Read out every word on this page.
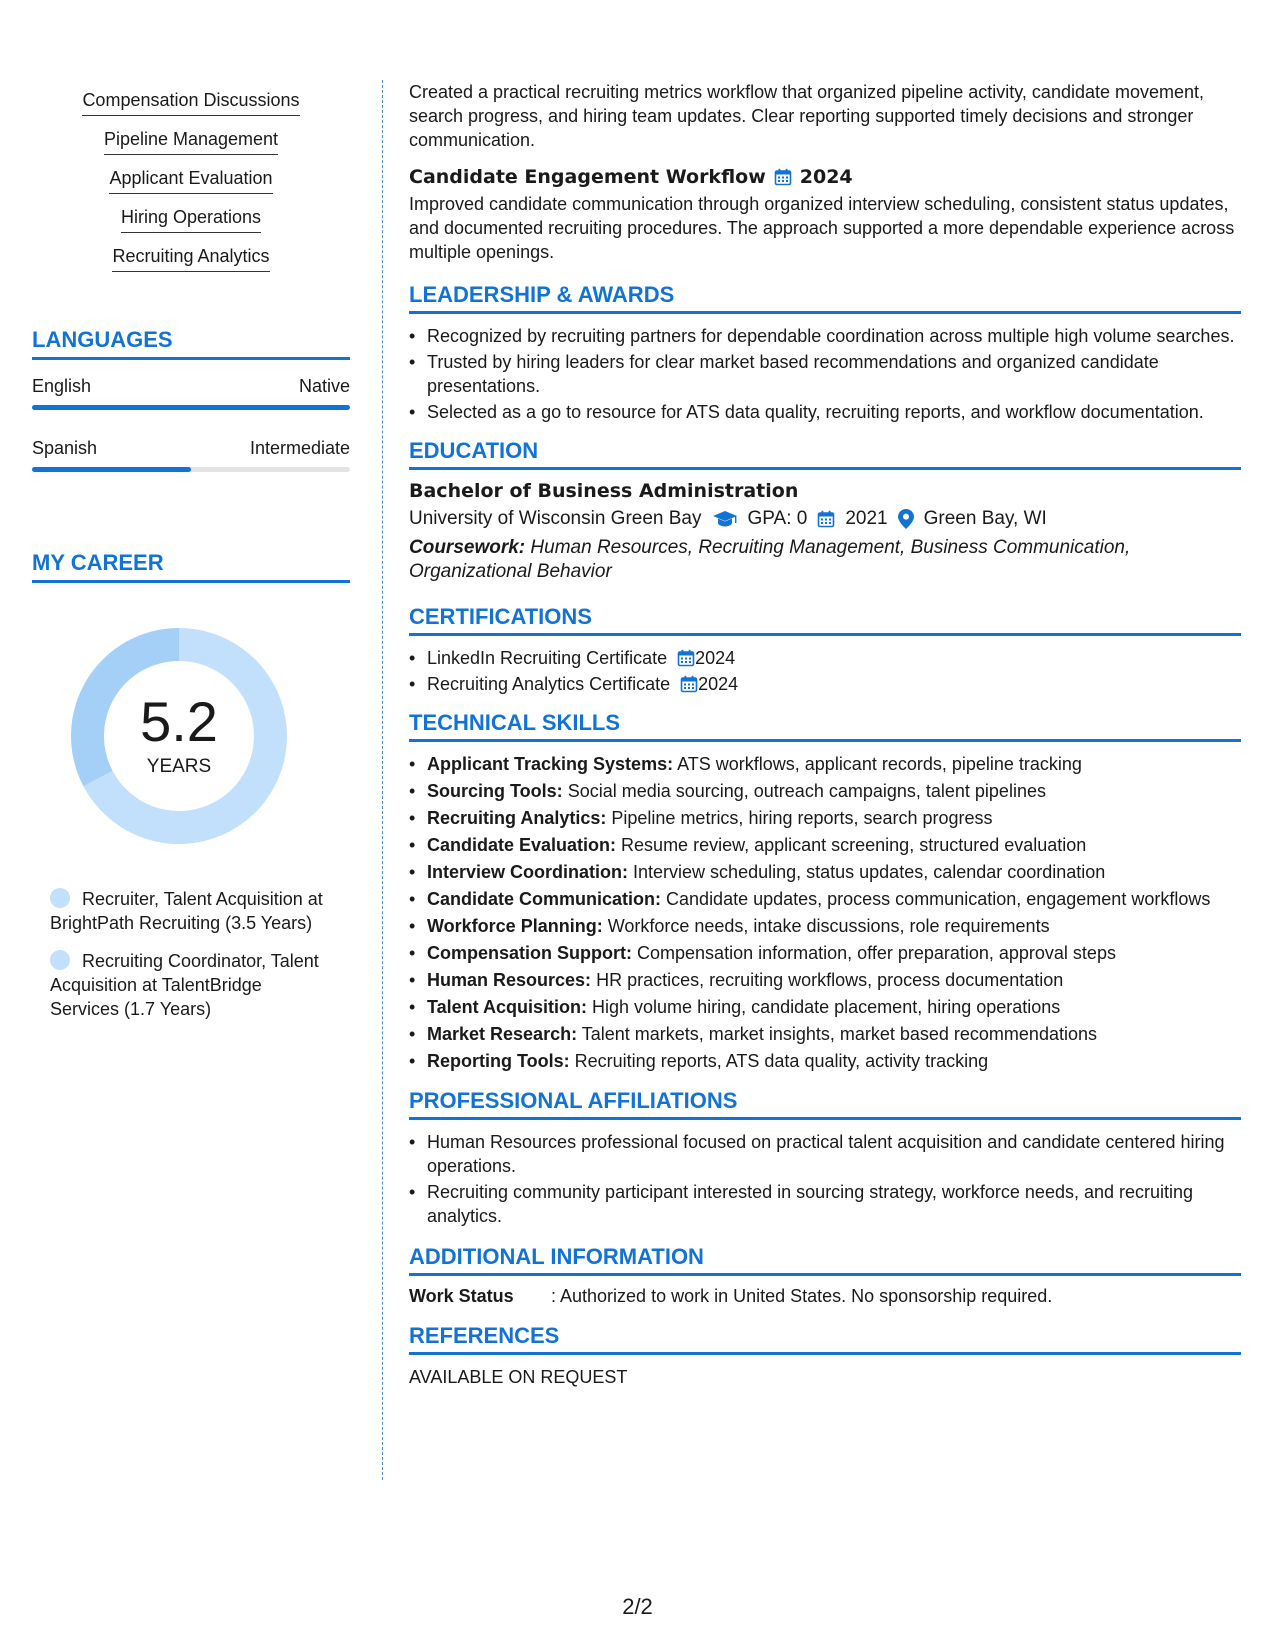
Compensation Discussions
Pipeline Management
Applicant Evaluation
Hiring Operations
Recruiting Analytics
LANGUAGES
English	Native
Spanish	Intermediate
MY CAREER
5.2
YEARS
Recruiter, Talent Acquisition at BrightPath Recruiting (3.5 Years)
Recruiting Coordinator, Talent Acquisition at TalentBridge Services (1.7 Years)

Created a practical recruiting metrics workflow that organized pipeline activity, candidate movement, search progress, and hiring team updates. Clear reporting supported timely decisions and stronger communication.

Candidate Engagement Workflow 2024

Improved candidate communication through organized interview scheduling, consistent status updates, and documented recruiting procedures. The approach supported a more dependable experience across multiple openings.

LEADERSHIP & AWARDS
• Recognized by recruiting partners for dependable coordination across multiple high volume searches.
• Trusted by hiring leaders for clear market based recommendations and organized candidate presentations.
• Selected as a go to resource for ATS data quality, recruiting reports, and workflow documentation.
EDUCATION
Bachelor of Business Administration
University of Wisconsin Green Bay GPA: 0 2021 Green Bay, WI
Coursework: Human Resources, Recruiting Management, Business Communication, Organizational Behavior
CERTIFICATIONS
• LinkedIn Recruiting Certificate 2024
• Recruiting Analytics Certificate 2024
TECHNICAL SKILLS
• Applicant Tracking Systems: ATS workflows, applicant records, pipeline tracking
• Sourcing Tools: Social media sourcing, outreach campaigns, talent pipelines
• Recruiting Analytics: Pipeline metrics, hiring reports, search progress
• Candidate Evaluation: Resume review, applicant screening, structured evaluation
• Interview Coordination: Interview scheduling, status updates, calendar coordination
• Candidate Communication: Candidate updates, process communication, engagement workflows
• Workforce Planning: Workforce needs, intake discussions, role requirements
• Compensation Support: Compensation information, offer preparation, approval steps
• Human Resources: HR practices, recruiting workflows, process documentation
• Talent Acquisition: High volume hiring, candidate placement, hiring operations
• Market Research: Talent markets, market insights, market based recommendations
• Reporting Tools: Recruiting reports, ATS data quality, activity tracking
PROFESSIONAL AFFILIATIONS
• Human Resources professional focused on practical talent acquisition and candidate centered hiring operations.
• Recruiting community participant interested in sourcing strategy, workforce needs, and recruiting analytics.
ADDITIONAL INFORMATION
Work Status	: Authorized to work in United States. No sponsorship required.
REFERENCES
AVAILABLE ON REQUEST
2/2
